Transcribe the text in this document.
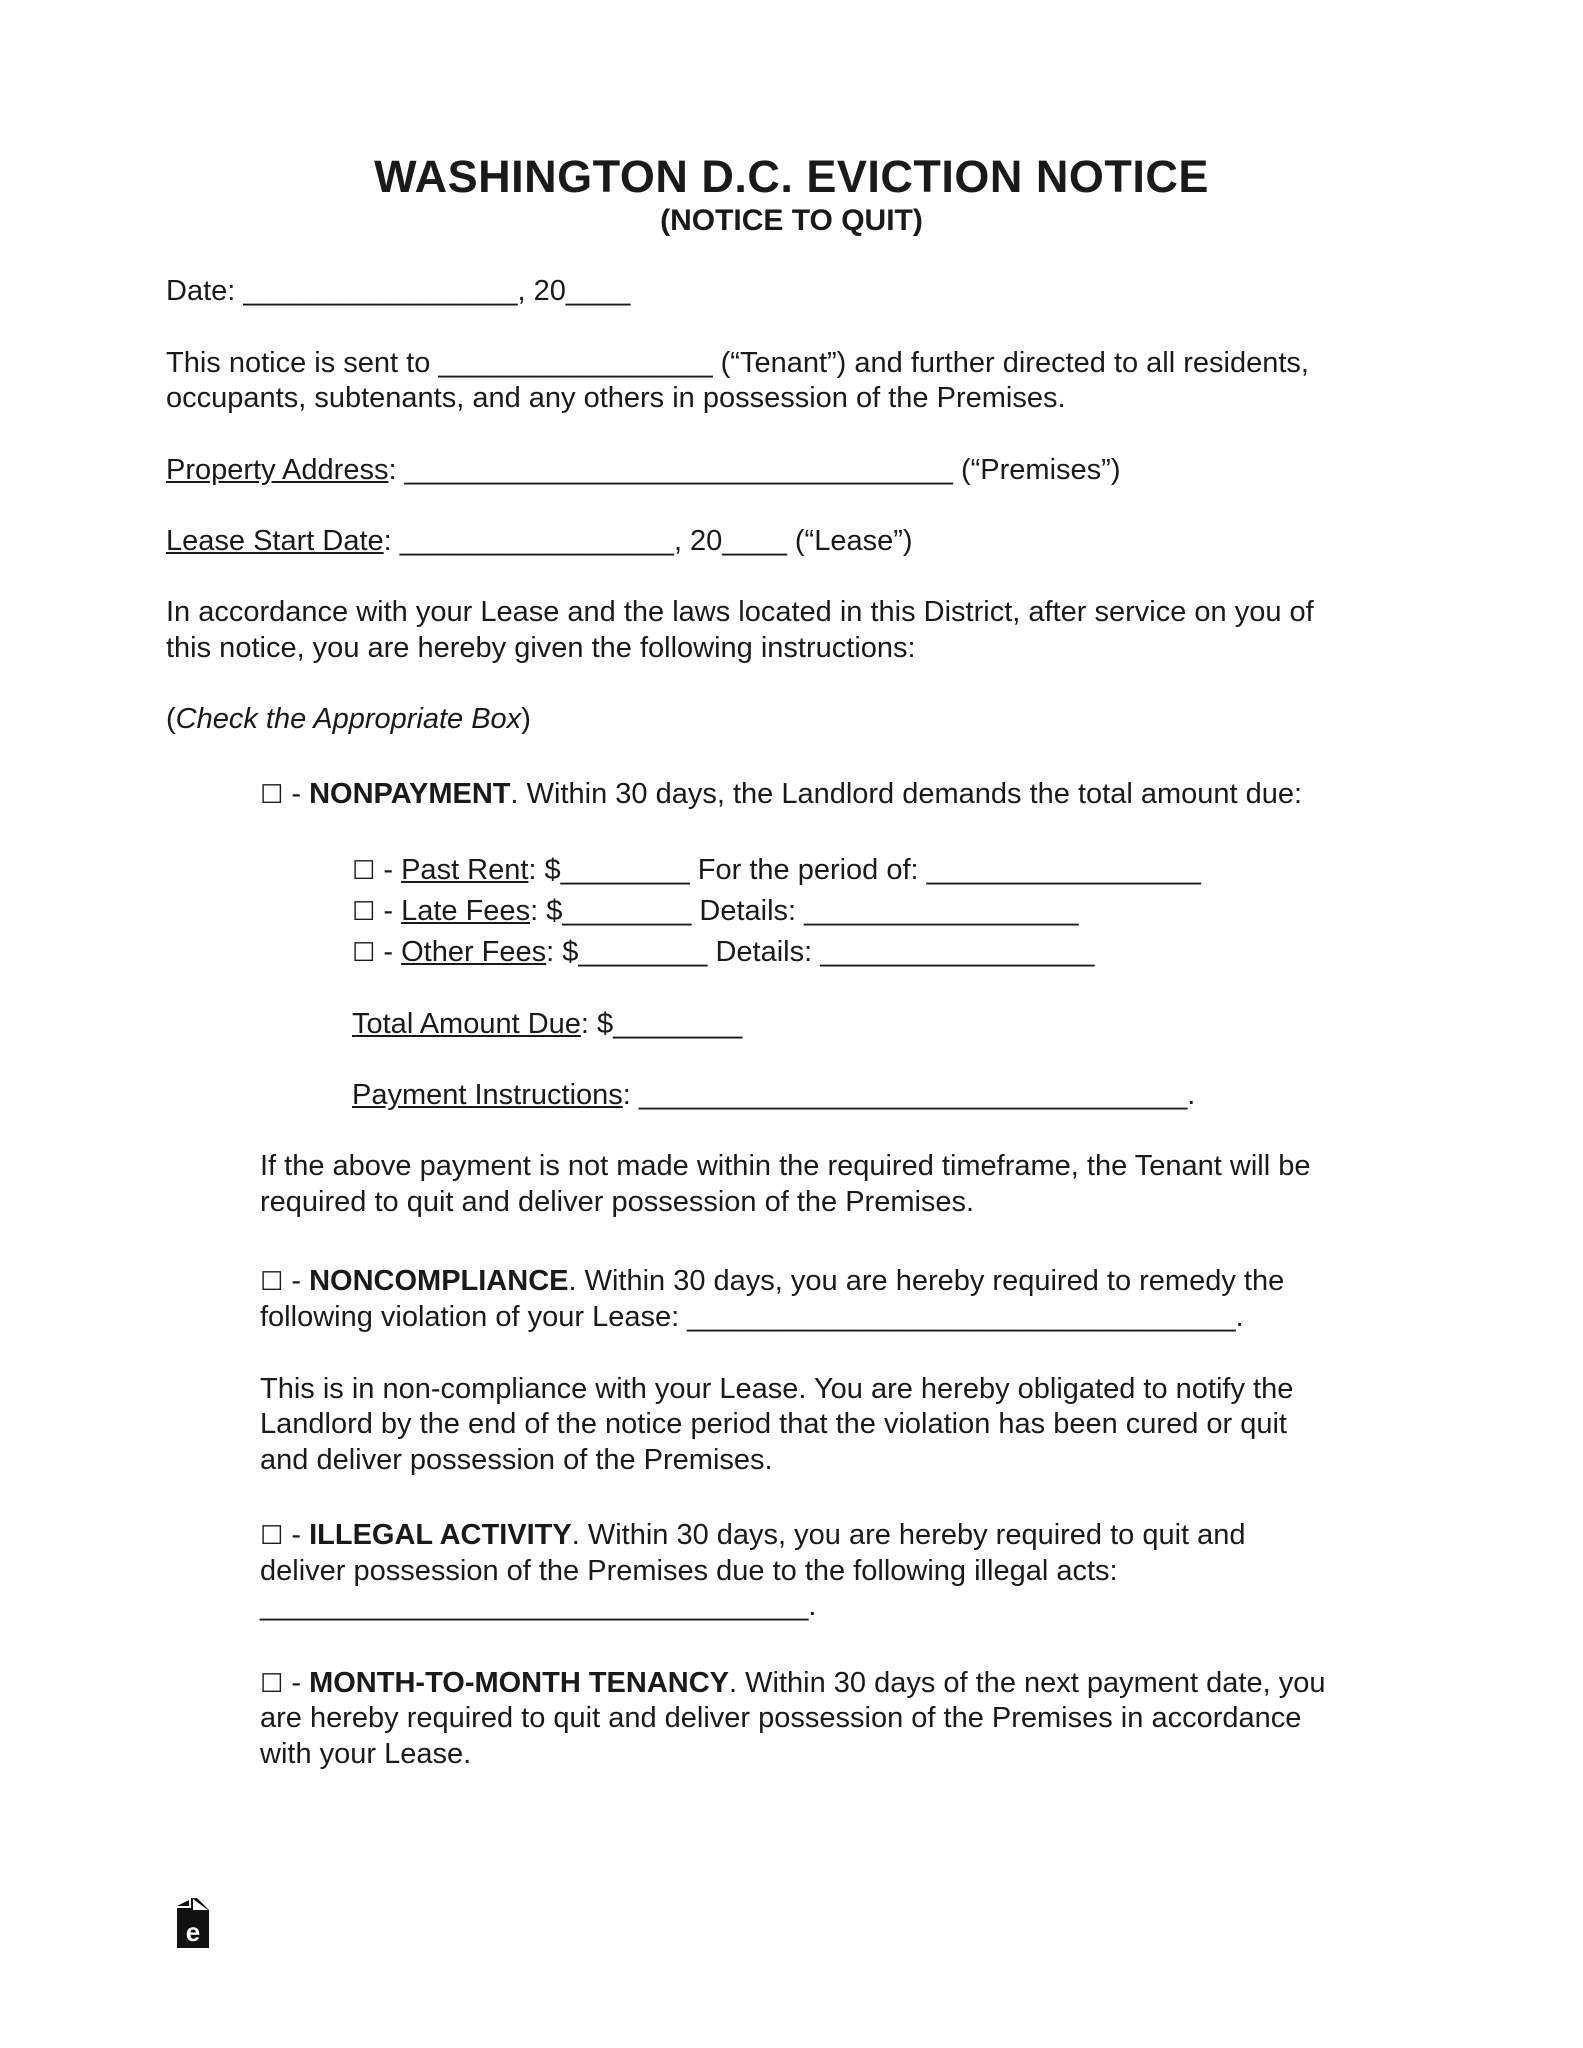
WASHINGTON D.C. EVICTION NOTICE
(NOTICE TO QUIT)
Date: _________________, 20____
This notice is sent to _________________ (“Tenant”) and further directed to all residents,
occupants, subtenants, and any others in possession of the Premises.
Property Address: __________________________________ (“Premises”)
Lease Start Date: _________________, 20____ (“Lease”)
In accordance with your Lease and the laws located in this District, after service on you of
this notice, you are hereby given the following instructions:
(Check the Appropriate Box)
☐ - NONPAYMENT. Within 30 days, the Landlord demands the total amount due:
☐ - Past Rent: $________ For the period of: _________________
☐ - Late Fees: $________ Details: _________________
☐ - Other Fees: $________ Details: _________________
Total Amount Due: $________
Payment Instructions: __________________________________.
If the above payment is not made within the required timeframe, the Tenant will be
required to quit and deliver possession of the Premises.
☐ - NONCOMPLIANCE. Within 30 days, you are hereby required to remedy the
following violation of your Lease: __________________________________.
This is in non-compliance with your Lease. You are hereby obligated to notify the
Landlord by the end of the notice period that the violation has been cured or quit
and deliver possession of the Premises.
☐ - ILLEGAL ACTIVITY. Within 30 days, you are hereby required to quit and
deliver possession of the Premises due to the following illegal acts:
__________________________________.
☐ - MONTH-TO-MONTH TENANCY. Within 30 days of the next payment date, you
are hereby required to quit and deliver possession of the Premises in accordance
with your Lease.
e
